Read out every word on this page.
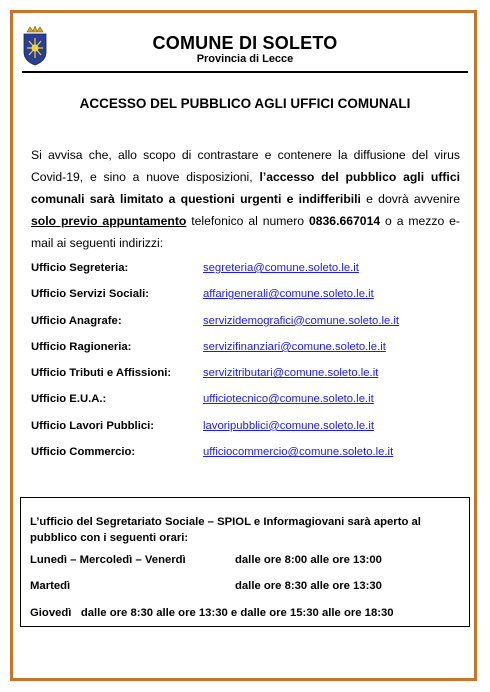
COMUNE DI SOLETO
Provincia di Lecce
ACCESSO DEL PUBBLICO AGLI UFFICI COMUNALI
Si avvisa che, allo scopo di contrastare e contenere la diffusione del virus Covid-19, e sino a nuove disposizioni, l’accesso del pubblico agli uffici comunali sarà limitato a questioni urgenti e indifferibili e dovrà avvenire solo previo appuntamento telefonico al numero 0836.667014 o a mezzo e-mail ai seguenti indirizzi:
Ufficio Segreteria:	segreteria@comune.soleto.le.it
Ufficio Servizi Sociali:	affarigenerali@comune.soleto.le.it
Ufficio Anagrafe:	servizidemografici@comune.soleto.le.it
Ufficio Ragioneria:	servizifinanziari@comune.soleto.le.it
Ufficio Tributi e Affissioni:	servizitributari@comune.soleto.le.it
Ufficio E.U.A.:	ufficiotecnico@comune.soleto.le.it
Ufficio Lavori Pubblici:	lavoripubblici@comune.soleto.le.it
Ufficio Commercio:	ufficiocommercio@comune.soleto.le.it
L’ufficio del Segretariato Sociale – SPIOL e Informagiovani sarà aperto al pubblico con i seguenti orari:
Lunedì – Mercoledì – Venerdì	dalle ore 8:00 alle ore 13:00
Martedì	dalle ore 8:30 alle ore 13:30
Giovedì   dalle ore 8:30 alle ore 13:30 e dalle ore 15:30 alle ore 18:30
